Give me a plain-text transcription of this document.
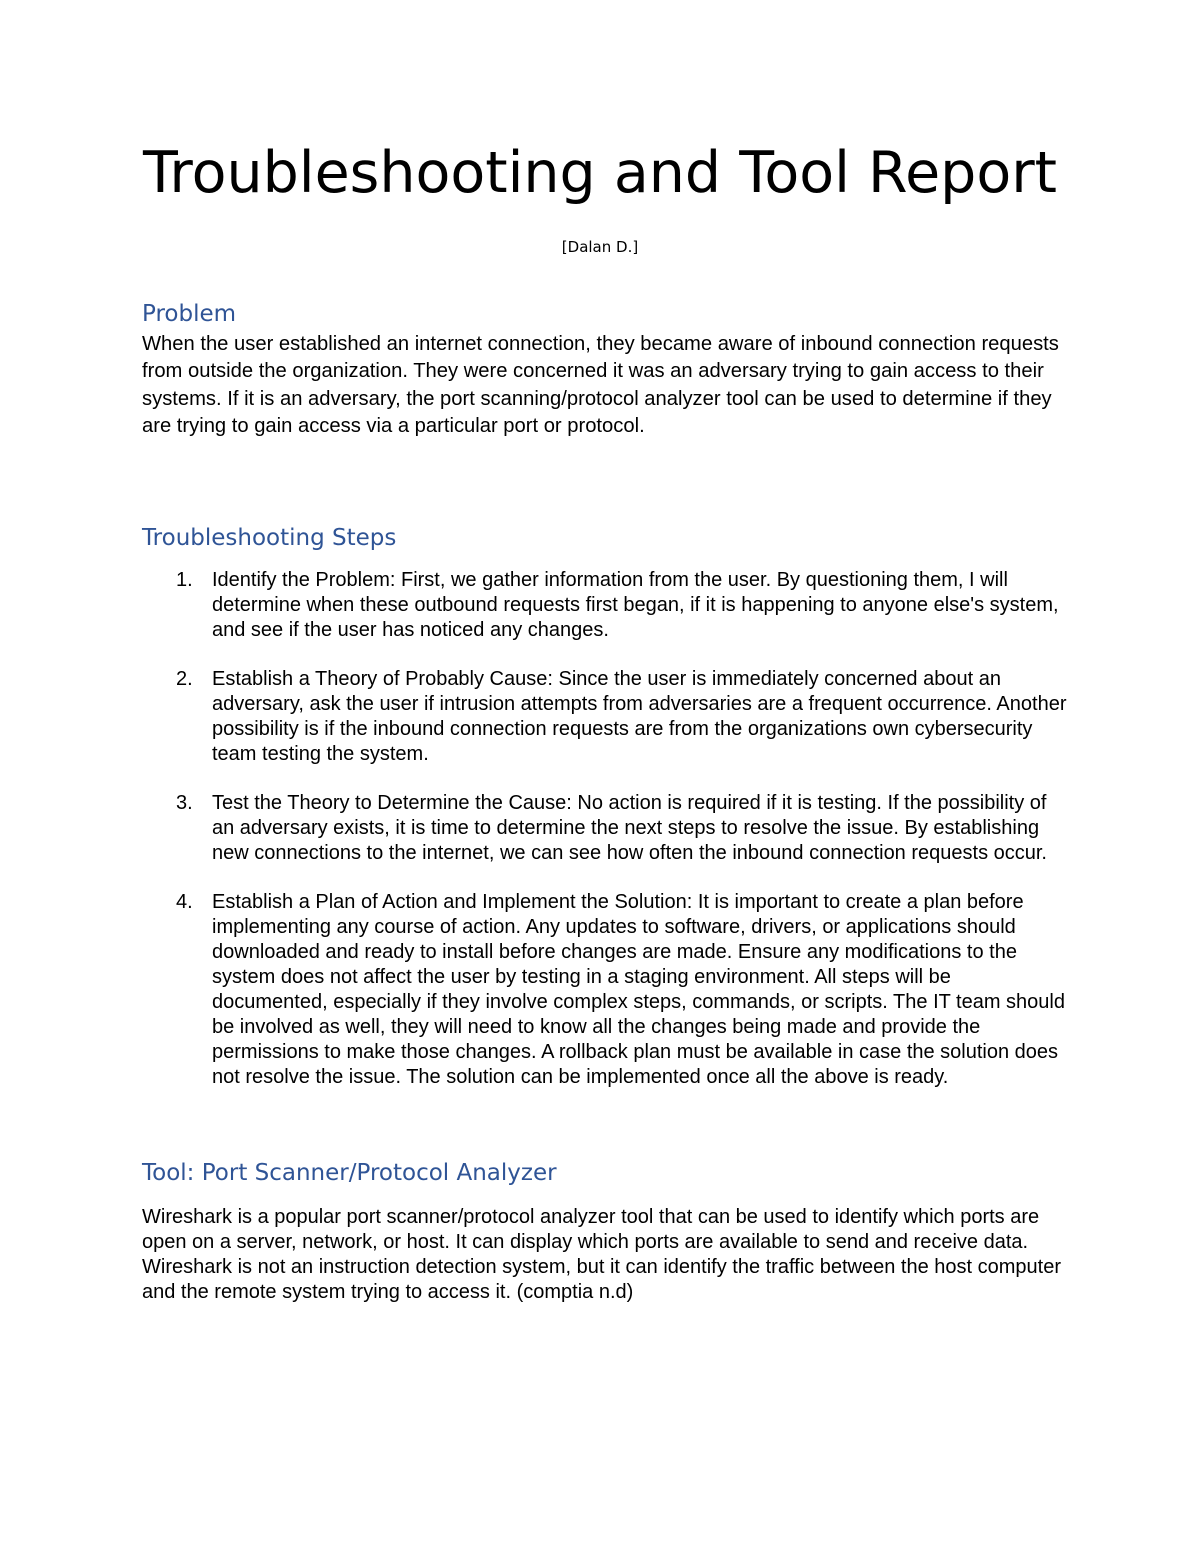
Troubleshooting and Tool Report

[Dalan D.]

Problem

When the user established an internet connection, they became aware of inbound connection requests from outside the organization. They were concerned it was an adversary trying to gain access to their systems. If it is an adversary, the port scanning/protocol analyzer tool can be used to determine if they are trying to gain access via a particular port or protocol.

Troubleshooting Steps
1. Identify the Problem: First, we gather information from the user. By questioning them, I will determine when these outbound requests first began, if it is happening to anyone else's system, and see if the user has noticed any changes.
2. Establish a Theory of Probably Cause: Since the user is immediately concerned about an adversary, ask the user if intrusion attempts from adversaries are a frequent occurrence. Another possibility is if the inbound connection requests are from the organizations own cybersecurity team testing the system.
3. Test the Theory to Determine the Cause: No action is required if it is testing. If the possibility of an adversary exists, it is time to determine the next steps to resolve the issue. By establishing new connections to the internet, we can see how often the inbound connection requests occur.
4. Establish a Plan of Action and Implement the Solution: It is important to create a plan before implementing any course of action. Any updates to software, drivers, or applications should downloaded and ready to install before changes are made. Ensure any modifications to the system does not affect the user by testing in a staging environment. All steps will be documented, especially if they involve complex steps, commands, or scripts. The IT team should be involved as well, they will need to know all the changes being made and provide the permissions to make those changes. A rollback plan must be available in case the solution does not resolve the issue. The solution can be implemented once all the above is ready.
Tool: Port Scanner/Protocol Analyzer

Wireshark is a popular port scanner/protocol analyzer tool that can be used to identify which ports are open on a server, network, or host. It can display which ports are available to send and receive data. Wireshark is not an instruction detection system, but it can identify the traffic between the host computer and the remote system trying to access it. (comptia n.d)
